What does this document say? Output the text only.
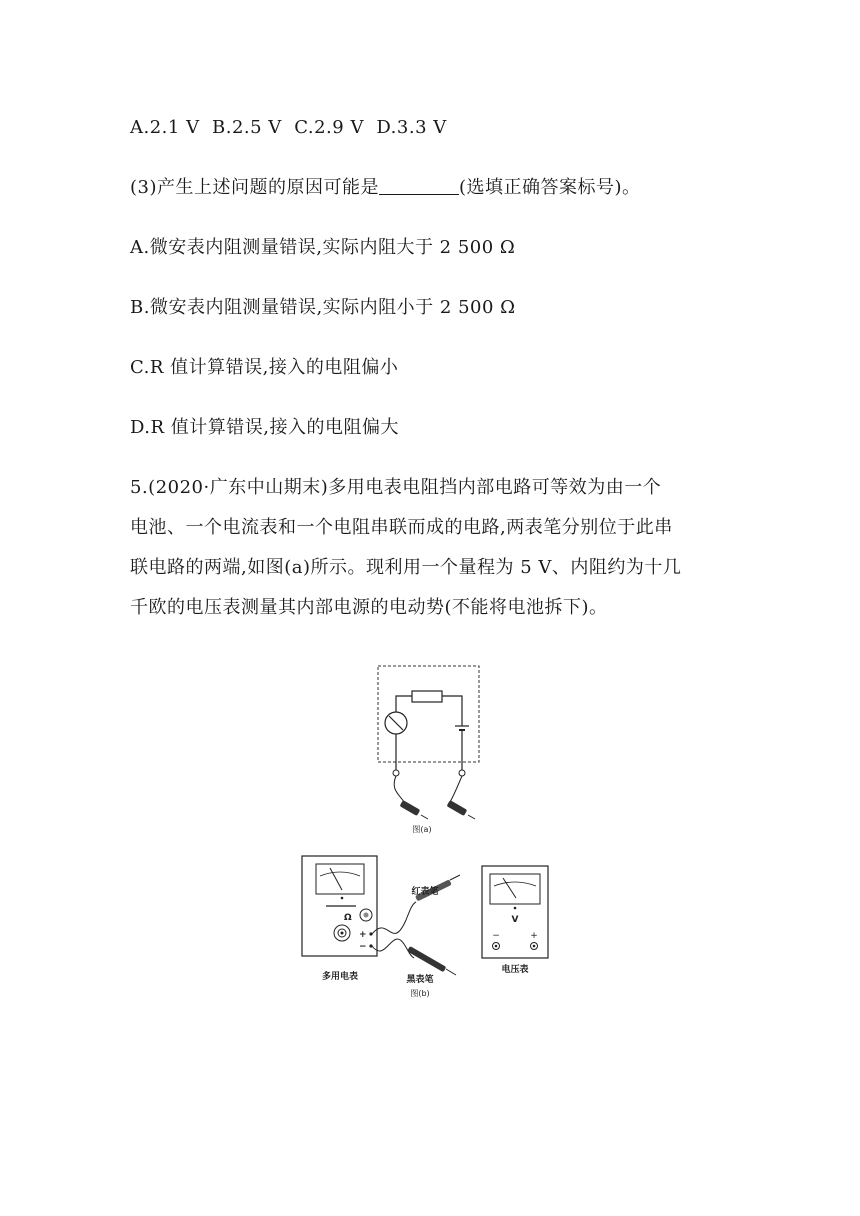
A.2.1 V  B.2.5 V  C.2.9 V  D.3.3 V
(3)产生上述问题的原因可能是	(选填正确答案标号)。
A.微安表内阻测量错误,实际内阻大于 2 500 Ω
B.微安表内阻测量错误,实际内阻小于 2 500 Ω
C.R 值计算错误,接入的电阻偏小
D.R 值计算错误,接入的电阻偏大
5.(2020·广东中山期末)多用电表电阻挡内部电路可等效为由一个
电池、一个电流表和一个电阻串联而成的电路,两表笔分别位于此串
联电路的两端,如图(a)所示。现利用一个量程为 5 V、内阻约为十几
千欧的电压表测量其内部电源的电动势(不能将电池拆下)。
图(a)
Ω
+
−
多用电表
红表笔
黑表笔
图(b)
V
−	+
电压表
